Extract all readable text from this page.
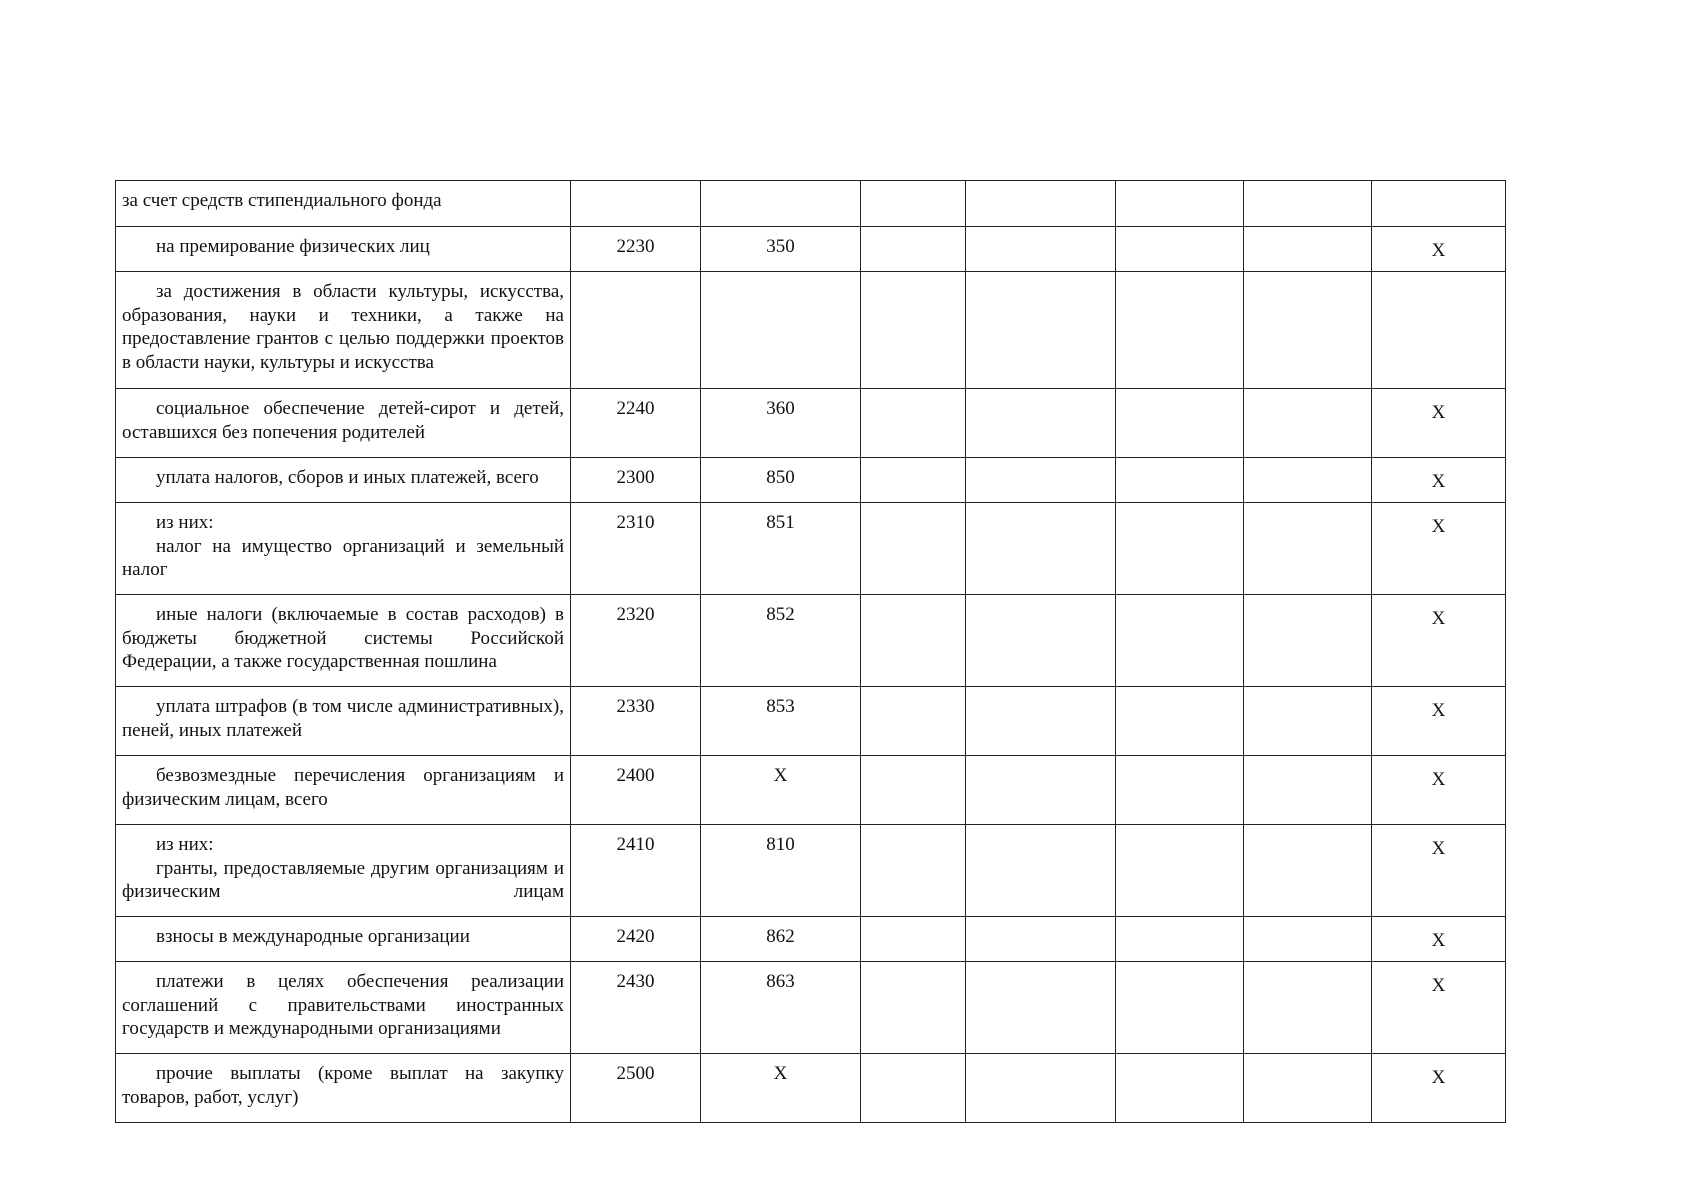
за счет средств стипендиального фонда							

на премирование физических лиц	2230	350					X

за достижения в области культуры, искусства, образования, науки и техники, а также на предоставление грантов с целью поддержки проектов в области науки, культуры и искусства							

социальное обеспечение детей-сирот и детей, оставшихся без попечения родителей	2240	360					X

уплата налогов, сборов и иных платежей, всего	2300	850					X

из них:
налог на имущество организаций и земельный налог	2310	851					X

иные налоги (включаемые в состав расходов) в бюджеты бюджетной системы Российской Федерации, а также государственная пошлина	2320	852					X

уплата штрафов (в том числе административных), пеней, иных платежей	2330	853					X

безвозмездные перечисления организациям и физическим лицам, всего	2400	X					X

из них:
гранты, предоставляемые другим организациям и физическим лицам	2410	810					X

взносы в международные организации	2420	862					X

платежи в целях обеспечения реализации соглашений с правительствами иностранных государств и международными организациями	2430	863					X

прочие выплаты (кроме выплат на закупку товаров, работ, услуг)	2500	X					X
